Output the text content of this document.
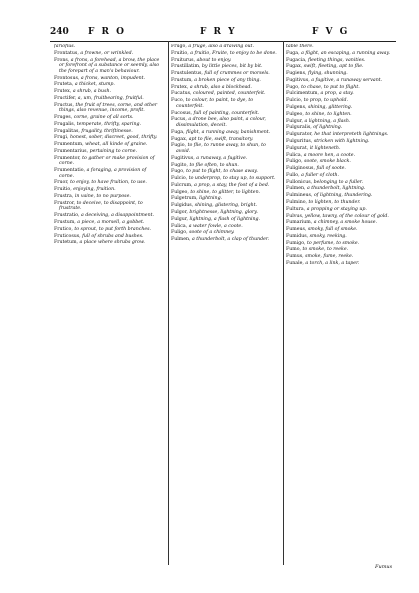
240 F R O	F R Y	F V G
fariofius.
Frontatus, a frowne, or wrinkled.
Frons, a frons, a forehead, a brow, the place or forefront of a substance or seemly, also the forepart of a man's behaviour.
Frontosus, a frons, wanton, impudent.
Fruteta, a thicket, stump.
Frutex, a shrub, a bush.
Fructifer, a, um, fruitbearing, fruitful.
Fructus, the fruit of trees, corne, and other things, also revenue, income, profit.
Fruges, corne, graine of all sorts.
Frugalis, temperate, thrifty, sparing.
Frugalitas, frugality, thriftinesse.
Frugi, honest, sober, discreet, good, thrifty.
Frumentum, wheat, all kinde of graine.
Frumentarius, pertaining to corne.
Frumentor, to gather or make provision of corne.
Frumentatio, a foraging, a provision of corne.
Fruor, to enjoy, to have fruition, to use.
Fruitio, enjoying, fruition.
Frustra, in vaine, to no purpose.
Frustror, to deceive, to disappoint, to frustrate.
Frustratio, a deceiving, a disappointment.
Frustum, a piece, a morsell, a gobbet.
Frutico, to sprout, to put forth branches.
Fruticosus, full of shrubs and bushes.
Frutetum, a place where shrubs grow.
Frugo, a fruge, also a drawing out.
Fruitio, a fruitio, Fruite, to enjoy to be done.
Fruiturus, about to enjoy.
Frustillatim, by little pieces, bit by bit.
Frustulentus, full of crummes or morsels.
Frustum, a broken piece of any thing.
Frutex, a shrub, also a blockhead.
Fucatus, coloured, painted, counterfeit.
Fuco, to colour, to paint, to dye, to counterfeit.
Fucosus, full of painting, counterfeit.
Fucus, a drone bee, also paint, a colour, dissimulation, deceit.
Fuga, flight, a running away, banishment.
Fugax, apt to flie, swift, transitory.
Fugio, to flie, to runne away, to shun, to avoid.
Fugitivus, a runaway, a fugitive.
Fugito, to flie often, to shun.
Fugo, to put to flight, to chase away.
Fulcio, to underprop, to stay up, to support.
Fulcrum, a prop, a stay, the foot of a bed.
Fulgeo, to shine, to glitter, to lighten.
Fulgetrum, lightning.
Fulgidus, shining, glistering, bright.
Fulgor, brightnesse, lightning, glory.
Fulgur, lightning, a flash of lightning.
Fulica, a water fowle, a coote.
Fuligo, soote of a chimney.
Fulmen, a thunderbolt, a clap of thunder.
table there.
Fuga, a flight, an escaping, a running away.
Fugacia, fleeting things, vanities.
Fugax, swift, fleeting, apt to flie.
Fugiens, flying, shunning.
Fugitivus, a fugitive, a runaway servant.
Fugo, to chase, to put to flight.
Fulcimentum, a prop, a stay.
Fulcio, to prop, to uphold.
Fulgens, shining, glittering.
Fulgeo, to shine, to lighten.
Fulgur, a lightning, a flash.
Fulguralis, of lightning.
Fulgurator, he that interpreteth lightnings.
Fulguritus, stricken with lightning.
Fulgurat, it lighteneth.
Fulica, a moore hen, a coote.
Fuligo, soote, smoke black.
Fuliginosus, full of soote.
Fullo, a fuller of cloth.
Fullonicus, belonging to a fuller.
Fulmen, a thunderbolt, lightning.
Fulmineus, of lightning, thundering.
Fulmino, to lighten, to thunder.
Fultura, a propping or staying up.
Fulvus, yellow, tawny, of the colour of gold.
Fumarium, a chimney, a smoke house.
Fumeus, smoky, full of smoke.
Fumidus, smoky, reeking.
Fumigo, to perfume, to smoke.
Fumo, to smoke, to reeke.
Fumus, smoke, fume, reeke.
Funale, a torch, a link, a taper.
Fumus
